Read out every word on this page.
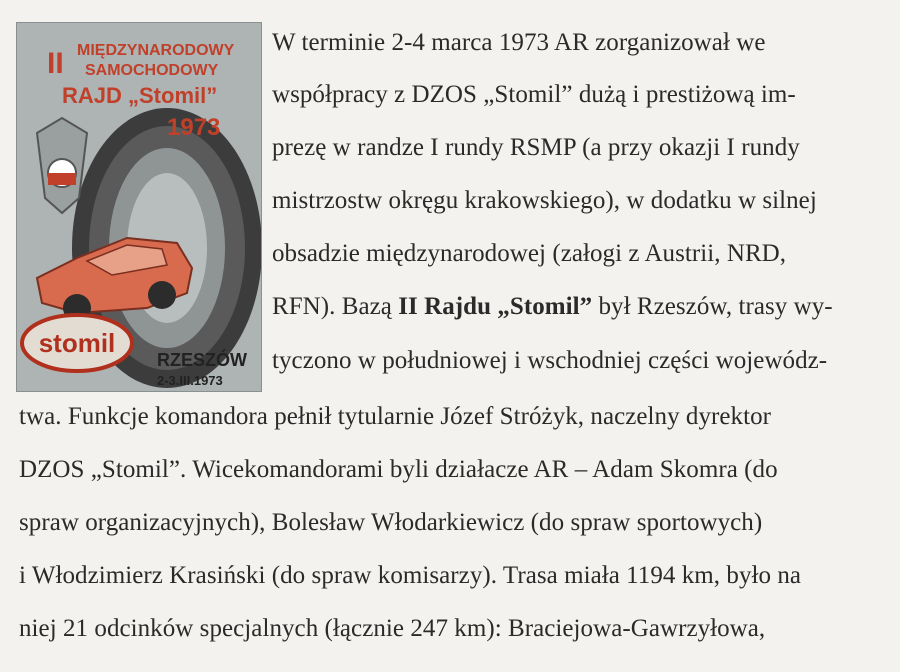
stomil
II MIĘDZYNARODOWY
SAMOCHODOWY
RAJD „Stomil”
1973
RZESZÓW
2-3.III.1973
W terminie 2-4 marca 1973 AR zorganizował we
współpracy z DZOS „Stomil” dużą i prestiżową im-
prezę w randze I rundy RSMP (a przy okazji I rundy
mistrzostw okręgu krakowskiego), w dodatku w silnej
obsadzie międzynarodowej (załogi z Austrii, NRD,
RFN). Bazą II Rajdu „Stomil” był Rzeszów, trasy wy-
tyczono w południowej i wschodniej części wojewódz-
twa. Funkcje komandora pełnił tytularnie Józef Stróżyk, naczelny dyrektor
DZOS „Stomil”. Wicekomandorami byli działacze AR – Adam Skomra (do
spraw organizacyjnych), Bolesław Włodarkiewicz (do spraw sportowych)
i Włodzimierz Krasiński (do spraw komisarzy). Trasa miała 1194 km, było na
niej 21 odcinków specjalnych (łącznie 247 km): Braciejowa-Gawrzyłowa,
